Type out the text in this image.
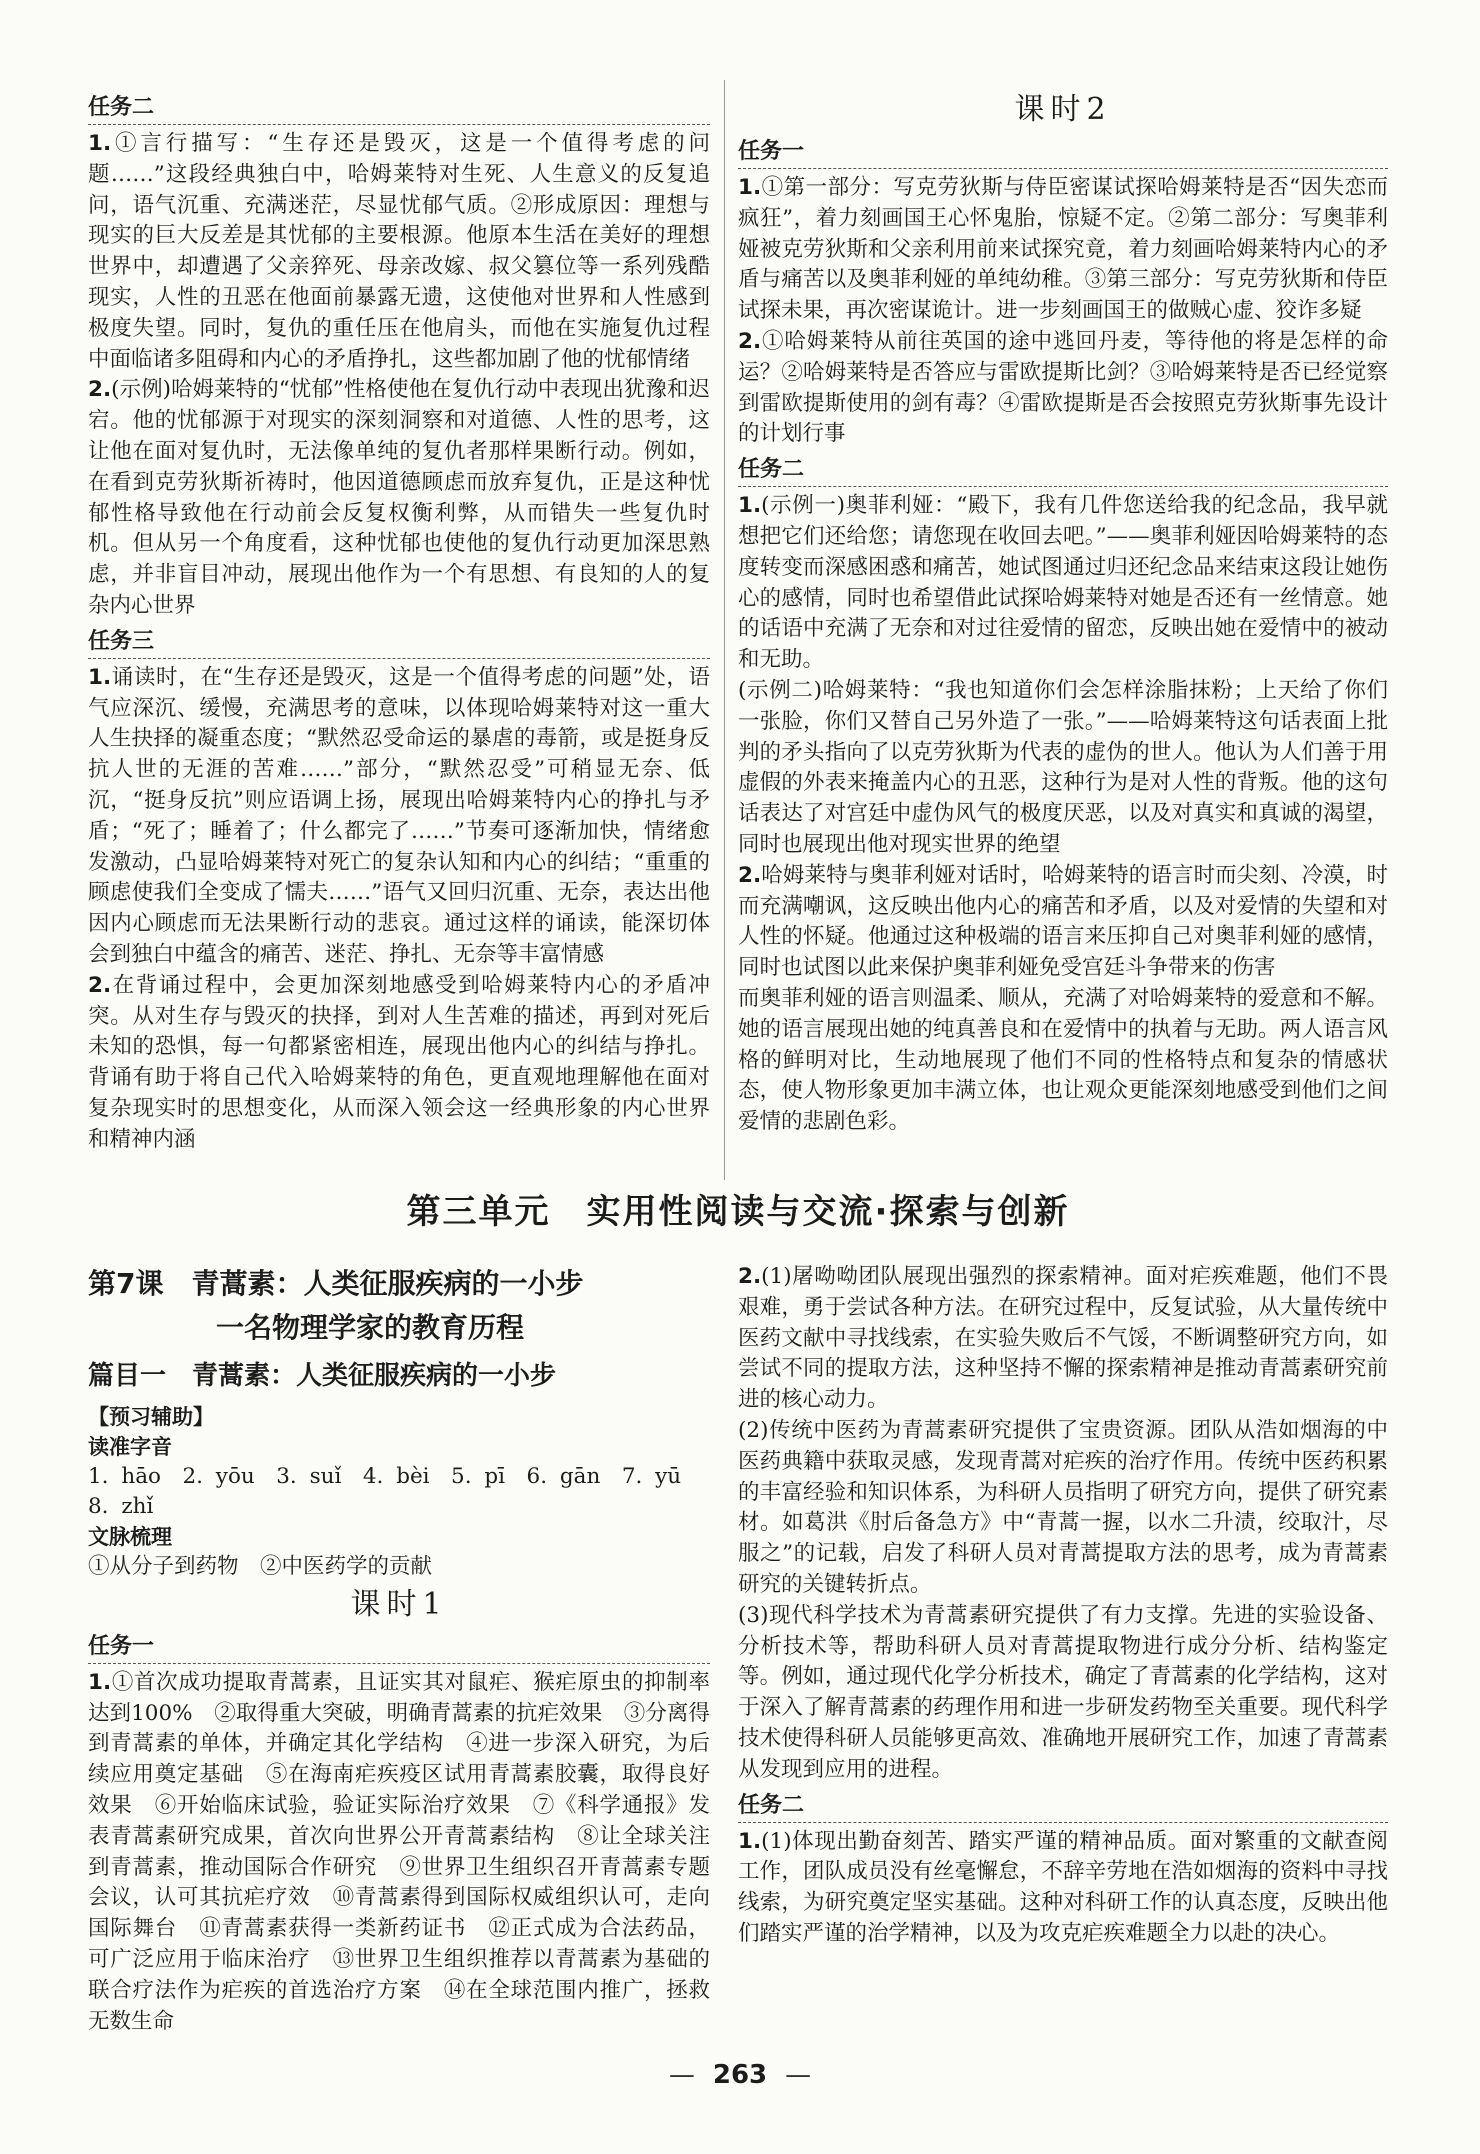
任务二

1.①言行描写：“生存还是毁灭，这是一个值得考虑的问题……”这段经典独白中，哈姆莱特对生死、人生意义的反复追问，语气沉重、充满迷茫，尽显忧郁气质。②形成原因：理想与现实的巨大反差是其忧郁的主要根源。他原本生活在美好的理想世界中，却遭遇了父亲猝死、母亲改嫁、叔父篡位等一系列残酷现实，人性的丑恶在他面前暴露无遗，这使他对世界和人性感到极度失望。同时，复仇的重任压在他肩头，而他在实施复仇过程中面临诸多阻碍和内心的矛盾挣扎，这些都加剧了他的忧郁情绪

2.(示例)哈姆莱特的“忧郁”性格使他在复仇行动中表现出犹豫和迟宕。他的忧郁源于对现实的深刻洞察和对道德、人性的思考，这让他在面对复仇时，无法像单纯的复仇者那样果断行动。例如，在看到克劳狄斯祈祷时，他因道德顾虑而放弃复仇，正是这种忧郁性格导致他在行动前会反复权衡利弊，从而错失一些复仇时机。但从另一个角度看，这种忧郁也使他的复仇行动更加深思熟虑，并非盲目冲动，展现出他作为一个有思想、有良知的人的复杂内心世界

任务三

1.诵读时，在“生存还是毁灭，这是一个值得考虑的问题”处，语气应深沉、缓慢，充满思考的意味，以体现哈姆莱特对这一重大人生抉择的凝重态度；“默然忍受命运的暴虐的毒箭，或是挺身反抗人世的无涯的苦难……”部分，“默然忍受”可稍显无奈、低沉，“挺身反抗”则应语调上扬，展现出哈姆莱特内心的挣扎与矛盾；“死了；睡着了；什么都完了……”节奏可逐渐加快，情绪愈发激动，凸显哈姆莱特对死亡的复杂认知和内心的纠结；“重重的顾虑使我们全变成了懦夫……”语气又回归沉重、无奈，表达出他因内心顾虑而无法果断行动的悲哀。通过这样的诵读，能深切体会到独白中蕴含的痛苦、迷茫、挣扎、无奈等丰富情感

2.在背诵过程中，会更加深刻地感受到哈姆莱特内心的矛盾冲突。从对生存与毁灭的抉择，到对人生苦难的描述，再到对死后未知的恐惧，每一句都紧密相连，展现出他内心的纠结与挣扎。背诵有助于将自己代入哈姆莱特的角色，更直观地理解他在面对复杂现实时的思想变化，从而深入领会这一经典形象的内心世界和精神内涵

课时2

任务一

1.①第一部分：写克劳狄斯与侍臣密谋试探哈姆莱特是否“因失恋而疯狂”，着力刻画国王心怀鬼胎，惊疑不定。②第二部分：写奥菲利娅被克劳狄斯和父亲利用前来试探究竟，着力刻画哈姆莱特内心的矛盾与痛苦以及奥菲利娅的单纯幼稚。③第三部分：写克劳狄斯和侍臣试探未果，再次密谋诡计。进一步刻画国王的做贼心虚、狡诈多疑

2.①哈姆莱特从前往英国的途中逃回丹麦，等待他的将是怎样的命运？②哈姆莱特是否答应与雷欧提斯比剑？③哈姆莱特是否已经觉察到雷欧提斯使用的剑有毒？④雷欧提斯是否会按照克劳狄斯事先设计的计划行事

任务二

1.(示例一)奥菲利娅：“殿下，我有几件您送给我的纪念品，我早就想把它们还给您；请您现在收回去吧。”——奥菲利娅因哈姆莱特的态度转变而深感困惑和痛苦，她试图通过归还纪念品来结束这段让她伤心的感情，同时也希望借此试探哈姆莱特对她是否还有一丝情意。她的话语中充满了无奈和对过往爱情的留恋，反映出她在爱情中的被动和无助。

(示例二)哈姆莱特：“我也知道你们会怎样涂脂抹粉；上天给了你们一张脸，你们又替自己另外造了一张。”——哈姆莱特这句话表面上批判的矛头指向了以克劳狄斯为代表的虚伪的世人。他认为人们善于用虚假的外表来掩盖内心的丑恶，这种行为是对人性的背叛。他的这句话表达了对宫廷中虚伪风气的极度厌恶，以及对真实和真诚的渴望，同时也展现出他对现实世界的绝望

2.哈姆莱特与奥菲利娅对话时，哈姆莱特的语言时而尖刻、冷漠，时而充满嘲讽，这反映出他内心的痛苦和矛盾，以及对爱情的失望和对人性的怀疑。他通过这种极端的语言来压抑自己对奥菲利娅的感情，同时也试图以此来保护奥菲利娅免受宫廷斗争带来的伤害

而奥菲利娅的语言则温柔、顺从，充满了对哈姆莱特的爱意和不解。她的语言展现出她的纯真善良和在爱情中的执着与无助。两人语言风格的鲜明对比，生动地展现了他们不同的性格特点和复杂的情感状态，使人物形象更加丰满立体，也让观众更能深刻地感受到他们之间爱情的悲剧色彩。

第三单元　实用性阅读与交流·探索与创新

第7课　青蒿素：人类征服疾病的一小步

一名物理学家的教育历程

篇目一　青蒿素：人类征服疾病的一小步

【预习辅助】

读准字音

1. hāo　2. yōu　3. suǐ　4. bèi　5. pī　6. gān　7. yū　8. zhǐ

文脉梳理

①从分子到药物　②中医药学的贡献

课时1

任务一

1.①首次成功提取青蒿素，且证实其对鼠疟、猴疟原虫的抑制率达到100%　②取得重大突破，明确青蒿素的抗疟效果　③分离得到青蒿素的单体，并确定其化学结构　④进一步深入研究，为后续应用奠定基础　⑤在海南疟疾疫区试用青蒿素胶囊，取得良好效果　⑥开始临床试验，验证实际治疗效果　⑦《科学通报》发表青蒿素研究成果，首次向世界公开青蒿素结构　⑧让全球关注到青蒿素，推动国际合作研究　⑨世界卫生组织召开青蒿素专题会议，认可其抗疟疗效　⑩青蒿素得到国际权威组织认可，走向国际舞台　⑪青蒿素获得一类新药证书　⑫正式成为合法药品，可广泛应用于临床治疗　⑬世界卫生组织推荐以青蒿素为基础的联合疗法作为疟疾的首选治疗方案　⑭在全球范围内推广，拯救无数生命

2.(1)屠呦呦团队展现出强烈的探索精神。面对疟疾难题，他们不畏艰难，勇于尝试各种方法。在研究过程中，反复试验，从大量传统中医药文献中寻找线索，在实验失败后不气馁，不断调整研究方向，如尝试不同的提取方法，这种坚持不懈的探索精神是推动青蒿素研究前进的核心动力。

(2)传统中医药为青蒿素研究提供了宝贵资源。团队从浩如烟海的中医药典籍中获取灵感，发现青蒿对疟疾的治疗作用。传统中医药积累的丰富经验和知识体系，为科研人员指明了研究方向，提供了研究素材。如葛洪《肘后备急方》中“青蒿一握，以水二升渍，绞取汁，尽服之”的记载，启发了科研人员对青蒿提取方法的思考，成为青蒿素研究的关键转折点。

(3)现代科学技术为青蒿素研究提供了有力支撑。先进的实验设备、分析技术等，帮助科研人员对青蒿提取物进行成分分析、结构鉴定等。例如，通过现代化学分析技术，确定了青蒿素的化学结构，这对于深入了解青蒿素的药理作用和进一步研发药物至关重要。现代科学技术使得科研人员能够更高效、准确地开展研究工作，加速了青蒿素从发现到应用的进程。

任务二

1.(1)体现出勤奋刻苦、踏实严谨的精神品质。面对繁重的文献查阅工作，团队成员没有丝毫懈怠，不辞辛劳地在浩如烟海的资料中寻找线索，为研究奠定坚实基础。这种对科研工作的认真态度，反映出他们踏实严谨的治学精神，以及为攻克疟疾难题全力以赴的决心。

— 263 —
